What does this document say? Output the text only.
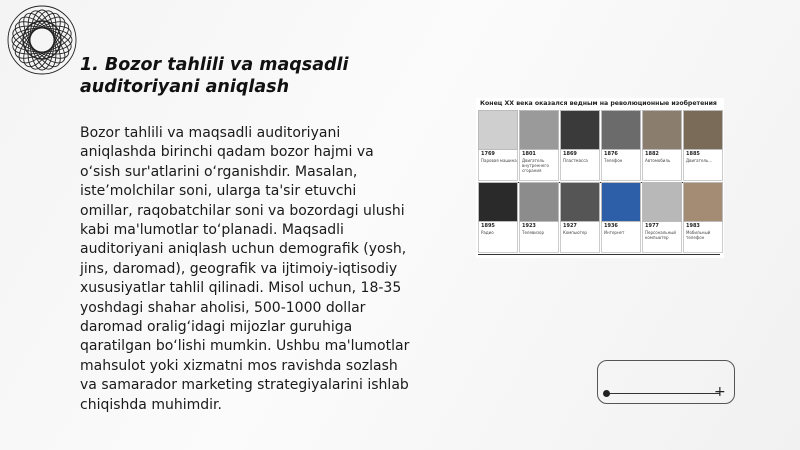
1. Bozor tahlili va maqsadli auditoriyani aniqlash

Bozor tahlili va maqsadli auditoriyani aniqlashda birinchi qadam bozor hajmi va o‘sish sur'atlarini o‘rganishdir. Masalan, iste’molchilar soni, ularga ta'sir etuvchi omillar, raqobatchilar soni va bozordagi ulushi kabi ma'lumotlar to‘planadi. Maqsadli auditoriyani aniqlash uchun demografik (yosh, jins, daromad), geografik va ijtimoiy-iqtisodiy xususiyatlar tahlil qilinadi. Misol uchun, 18-35 yoshdagi shahar aholisi, 500-1000 dollar daromad oralig‘idagi mijozlar guruhiga qaratilgan bo‘lishi mumkin. Ushbu ma'lumotlar mahsulot yoki xizmatni mos ravishda sozlash va samarador marketing strategiyalarini ishlab chiqishda muhimdir.

Конец XX века оказался ведным на революционные изобретения
1769
Паровая машина
1801
Двигатель внутреннего сгорания
1869
Пластмасса
1876
Телефон
1882
Автомобиль
1885
Двигатель...
1895
Радио
1923
Телевизор
1927
Компьютер
1936
Интернет
1977
Персональный компьютер
1983
Мобильный телефон
+
